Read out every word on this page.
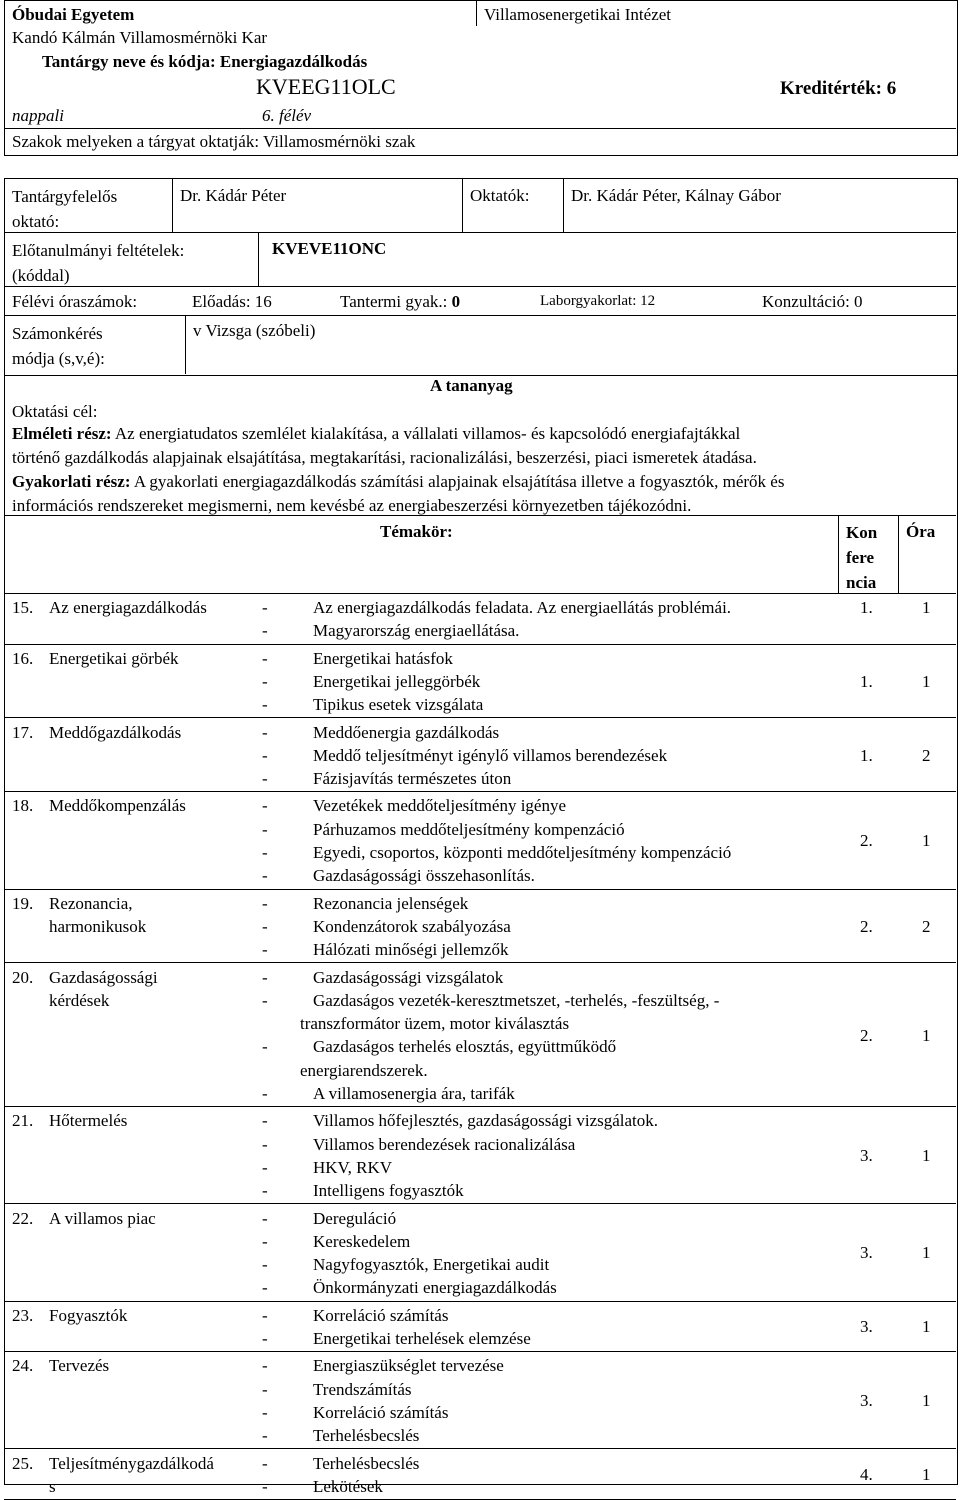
Óbudai Egyetem
Kandó Kálmán Villamosmérnöki Kar
Villamosenergetikai Intézet
Tantárgy neve és kódja: Energiagazdálkodás
KVEEG11OLC	Kreditérték: 6
nappali	6. félév
Szakok melyeken a tárgyat oktatják: Villamosmérnöki szak
Tantárgyfelelős
oktató:
Dr. Kádár Péter	Oktatók: Dr. Kádár Péter, Kálnay Gábor
Előtanulmányi feltételek:
(kóddal)
KVEVE11ONC
Félévi óraszámok:	Előadás: 16	Tantermi gyak.: 0	Laborgyakorlat: 12	Konzultáció: 0
Számonkérés
módja (s,v,é):
v Vizsga (szóbeli)
A tananyag
Oktatási cél:
Elméleti rész: Az energiatudatos szemlélet kialakítása, a vállalati villamos- és kapcsolódó energiafajtákkal
történő gazdálkodás alapjainak elsajátítása, megtakarítási, racionalizálási, beszerzési, piaci ismeretek átadása.
Gyakorlati rész: A gyakorlati energiagazdálkodás számítási alapjainak elsajátítása illetve a fogyasztók, mérők és
információs rendszereket megismerni, nem kevésbé az energiabeszerzési környezetben tájékozódni.
Témakör:	Kon
fere
ncia
Óra
15. Az energiagazdálkodás	-	Az energiagazdálkodás feladata. Az energiaellátás problémái.
-	Magyarország energiaellátása.
1.	1
16. Energetikai görbék	-	Energetikai hatásfok
-	Energetikai jelleggörbék
-	Tipikus esetek vizsgálata
1.	1
17. Meddőgazdálkodás	-	Meddőenergia gazdálkodás
-	Meddő teljesítményt igénylő villamos berendezések
-	Fázisjavítás természetes úton
1.	2
18. Meddőkompenzálás	-	Vezetékek meddőteljesítmény igénye
-	Párhuzamos meddőteljesítmény kompenzáció
-	Egyedi, csoportos, központi meddőteljesítmény kompenzáció
-	Gazdaságossági összehasonlítás.
2.	1
19. Rezonancia,
harmonikusok
-	Rezonancia jelenségek
-	Kondenzátorok szabályozása
-	Hálózati minőségi jellemzők
2.	2
20. Gazdaságossági
kérdések
-	Gazdaságossági vizsgálatok
-	Gazdaságos vezeték-keresztmetszet, -terhelés, -feszültség, -
transzformátor üzem, motor kiválasztás
-	Gazdaságos terhelés elosztás, együttműködő
energiarendszerek.
-	A villamosenergia ára, tarifák
2.	1
21. Hőtermelés	-	Villamos hőfejlesztés, gazdaságossági vizsgálatok.
-	Villamos berendezések racionalizálása
-	HKV, RKV
-	Intelligens fogyasztók
3.	1
22. A villamos piac	-	Dereguláció
-	Kereskedelem
-	Nagyfogyasztók, Energetikai audit
-	Önkormányzati energiagazdálkodás
3.	1
23. Fogyasztók	-	Korreláció számítás
-	Energetikai terhelések elemzése
3.	1
24. Tervezés	-	Energiaszükséglet tervezése
-	Trendszámítás
-	Korreláció számítás
-	Terhelésbecslés
3.	1
25. Teljesítménygazdálkodá
s
-	Terhelésbecslés
-	Lekötések
4.	1
